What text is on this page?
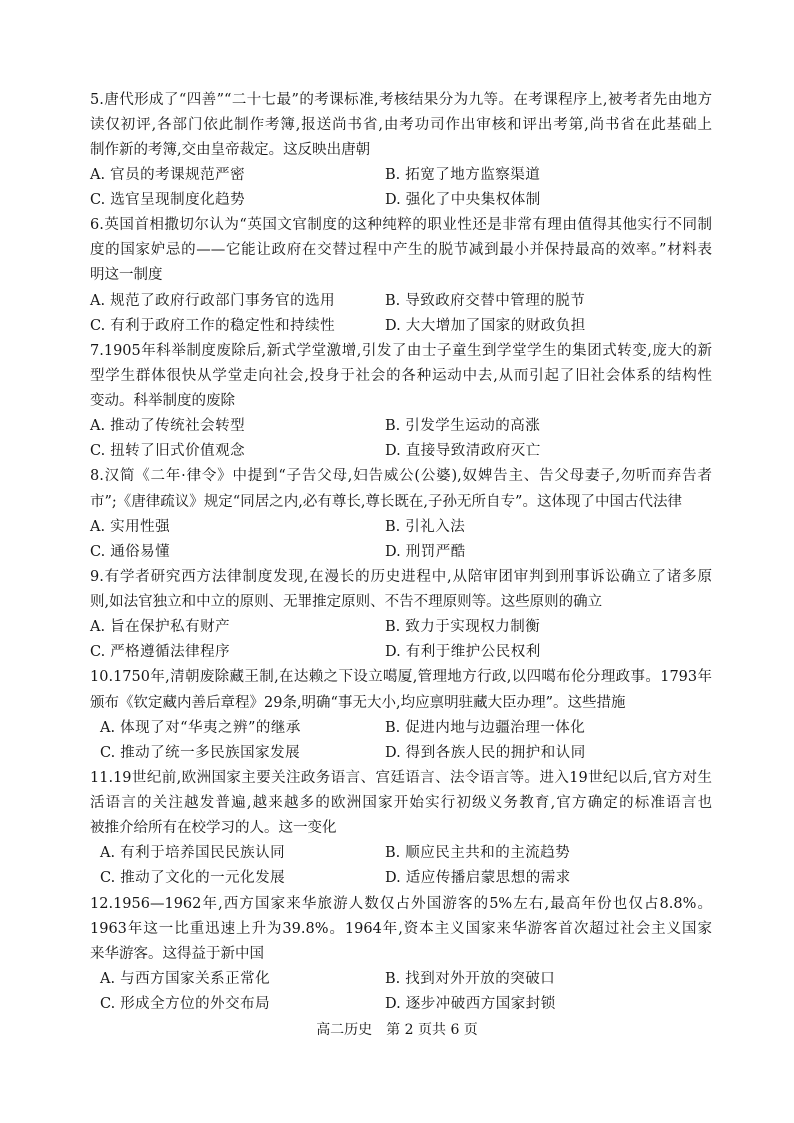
5.唐代形成了“四善”“二十七最”的考课标准,考核结果分为九等。在考课程序上,被考者先由地方
读仅初评,各部门依此制作考簿,报送尚书省,由考功司作出审核和评出考第,尚书省在此基础上
制作新的考簿,交由皇帝裁定。这反映出唐朝
A. 官员的考课规范严密	B. 拓宽了地方监察渠道
C. 选官呈现制度化趋势	D. 强化了中央集权体制
6.英国首相撒切尔认为“英国文官制度的这种纯粹的职业性还是非常有理由值得其他实行不同制
度的国家妒忌的——它能让政府在交替过程中产生的脱节减到最小并保持最高的效率。”材料表
明这一制度
A. 规范了政府行政部门事务官的选用	B. 导致政府交替中管理的脱节
C. 有利于政府工作的稳定性和持续性	D. 大大增加了国家的财政负担
7.1905年科举制度废除后,新式学堂激增,引发了由士子童生到学堂学生的集团式转变,庞大的新
型学生群体很快从学堂走向社会,投身于社会的各种运动中去,从而引起了旧社会体系的结构性
变动。科举制度的废除
A. 推动了传统社会转型	B. 引发学生运动的高涨
C. 扭转了旧式价值观念	D. 直接导致清政府灭亡
8.汉简《二年·律令》中提到“子告父母,妇告威公(公婆),奴婢告主、告父母妻子,勿听而弃告者
市”;《唐律疏议》规定“同居之内,必有尊长,尊长既在,子孙无所自专”。这体现了中国古代法律
A. 实用性强	B. 引礼入法
C. 通俗易懂	D. 刑罚严酷
9.有学者研究西方法律制度发现,在漫长的历史进程中,从陪审团审判到刑事诉讼确立了诸多原
则,如法官独立和中立的原则、无罪推定原则、不告不理原则等。这些原则的确立
A. 旨在保护私有财产	B. 致力于实现权力制衡
C. 严格遵循法律程序	D. 有利于维护公民权利
10.1750年,清朝废除藏王制,在达赖之下设立噶厦,管理地方行政,以四噶布伦分理政事。1793年
颁布《钦定藏内善后章程》29条,明确“事无大小,均应禀明驻藏大臣办理”。这些措施
A. 体现了对“华夷之辨”的继承	B. 促进内地与边疆治理一体化
C. 推动了统一多民族国家发展	D. 得到各族人民的拥护和认同
11.19世纪前,欧洲国家主要关注政务语言、宫廷语言、法令语言等。进入19世纪以后,官方对生
活语言的关注越发普遍,越来越多的欧洲国家开始实行初级义务教育,官方确定的标准语言也
被推介给所有在校学习的人。这一变化
A. 有利于培养国民民族认同	B. 顺应民主共和的主流趋势
C. 推动了文化的一元化发展	D. 适应传播启蒙思想的需求
12.1956—1962年,西方国家来华旅游人数仅占外国游客的5%左右,最高年份也仅占8.8%。
1963年这一比重迅速上升为39.8%。1964年,资本主义国家来华游客首次超过社会主义国家
来华游客。这得益于新中国
A. 与西方国家关系正常化	B. 找到对外开放的突破口
C. 形成全方位的外交布局	D. 逐步冲破西方国家封锁
高二历史　第 2 页共 6 页
